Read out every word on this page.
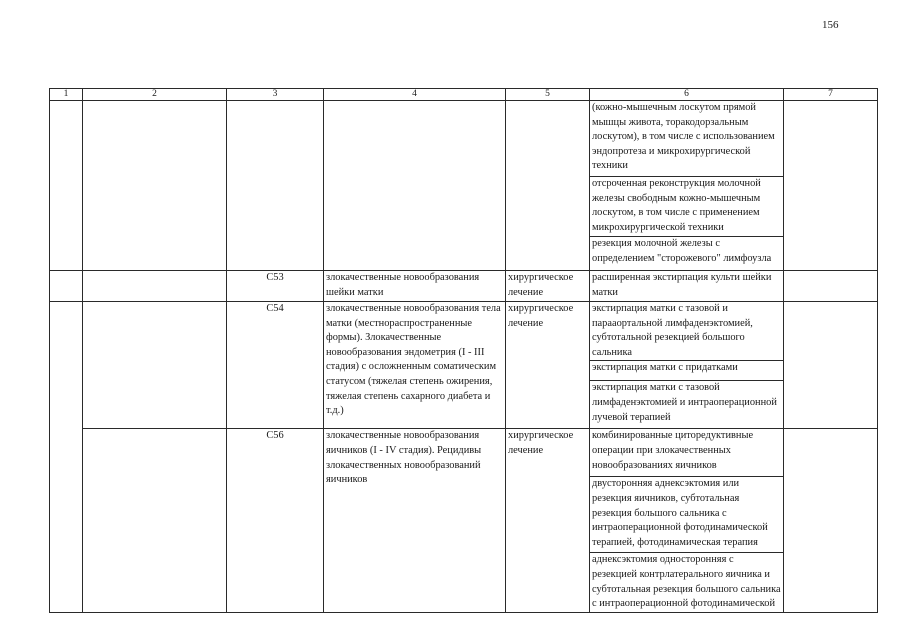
156
1	2	3	4	5	6	7
					(кожно-мышечным лоскутом прямой мышцы живота, торакодорзальным лоскутом), в том числе с использованием эндопротеза и микрохирургической техники	
					отсроченная реконструкция молочной железы свободным кожно-мышечным лоскутом, в том числе с применением микрохирургической техники	
					резекция молочной железы с определением "сторожевого" лимфоузла	
		C53	злокачественные новообразования шейки матки	хирургическое лечение	расширенная экстирпация культи шейки матки	
		C54	злокачественные новообразования тела матки (местнораспространенные формы). Злокачественные новообразования эндометрия (I - III стадия) с осложненным соматическим статусом (тяжелая степень ожирения, тяжелая степень сахарного диабета и т.д.)	хирургическое лечение	экстирпация матки с тазовой и парааортальной лимфаденэктомией, субтотальной резекцией большого сальника	
					экстирпация матки с придатками	
					экстирпация матки с тазовой лимфаденэктомией и интраоперационной лучевой терапией	
		C56	злокачественные новообразования яичников (I - IV стадия). Рецидивы злокачественных новообразований яичников	хирургическое лечение	комбинированные циторедуктивные операции при злокачественных новообразованиях яичников	
					двусторонняя аднексэктомия или резекция яичников, субтотальная резекция большого сальника с интраоперационной фотодинамической терапией, фотодинамическая терапия	
					аднексэктомия односторонняя с резекцией контрлатерального яичника и субтотальная резекция большого сальника с интраоперационной фотодинамической	
